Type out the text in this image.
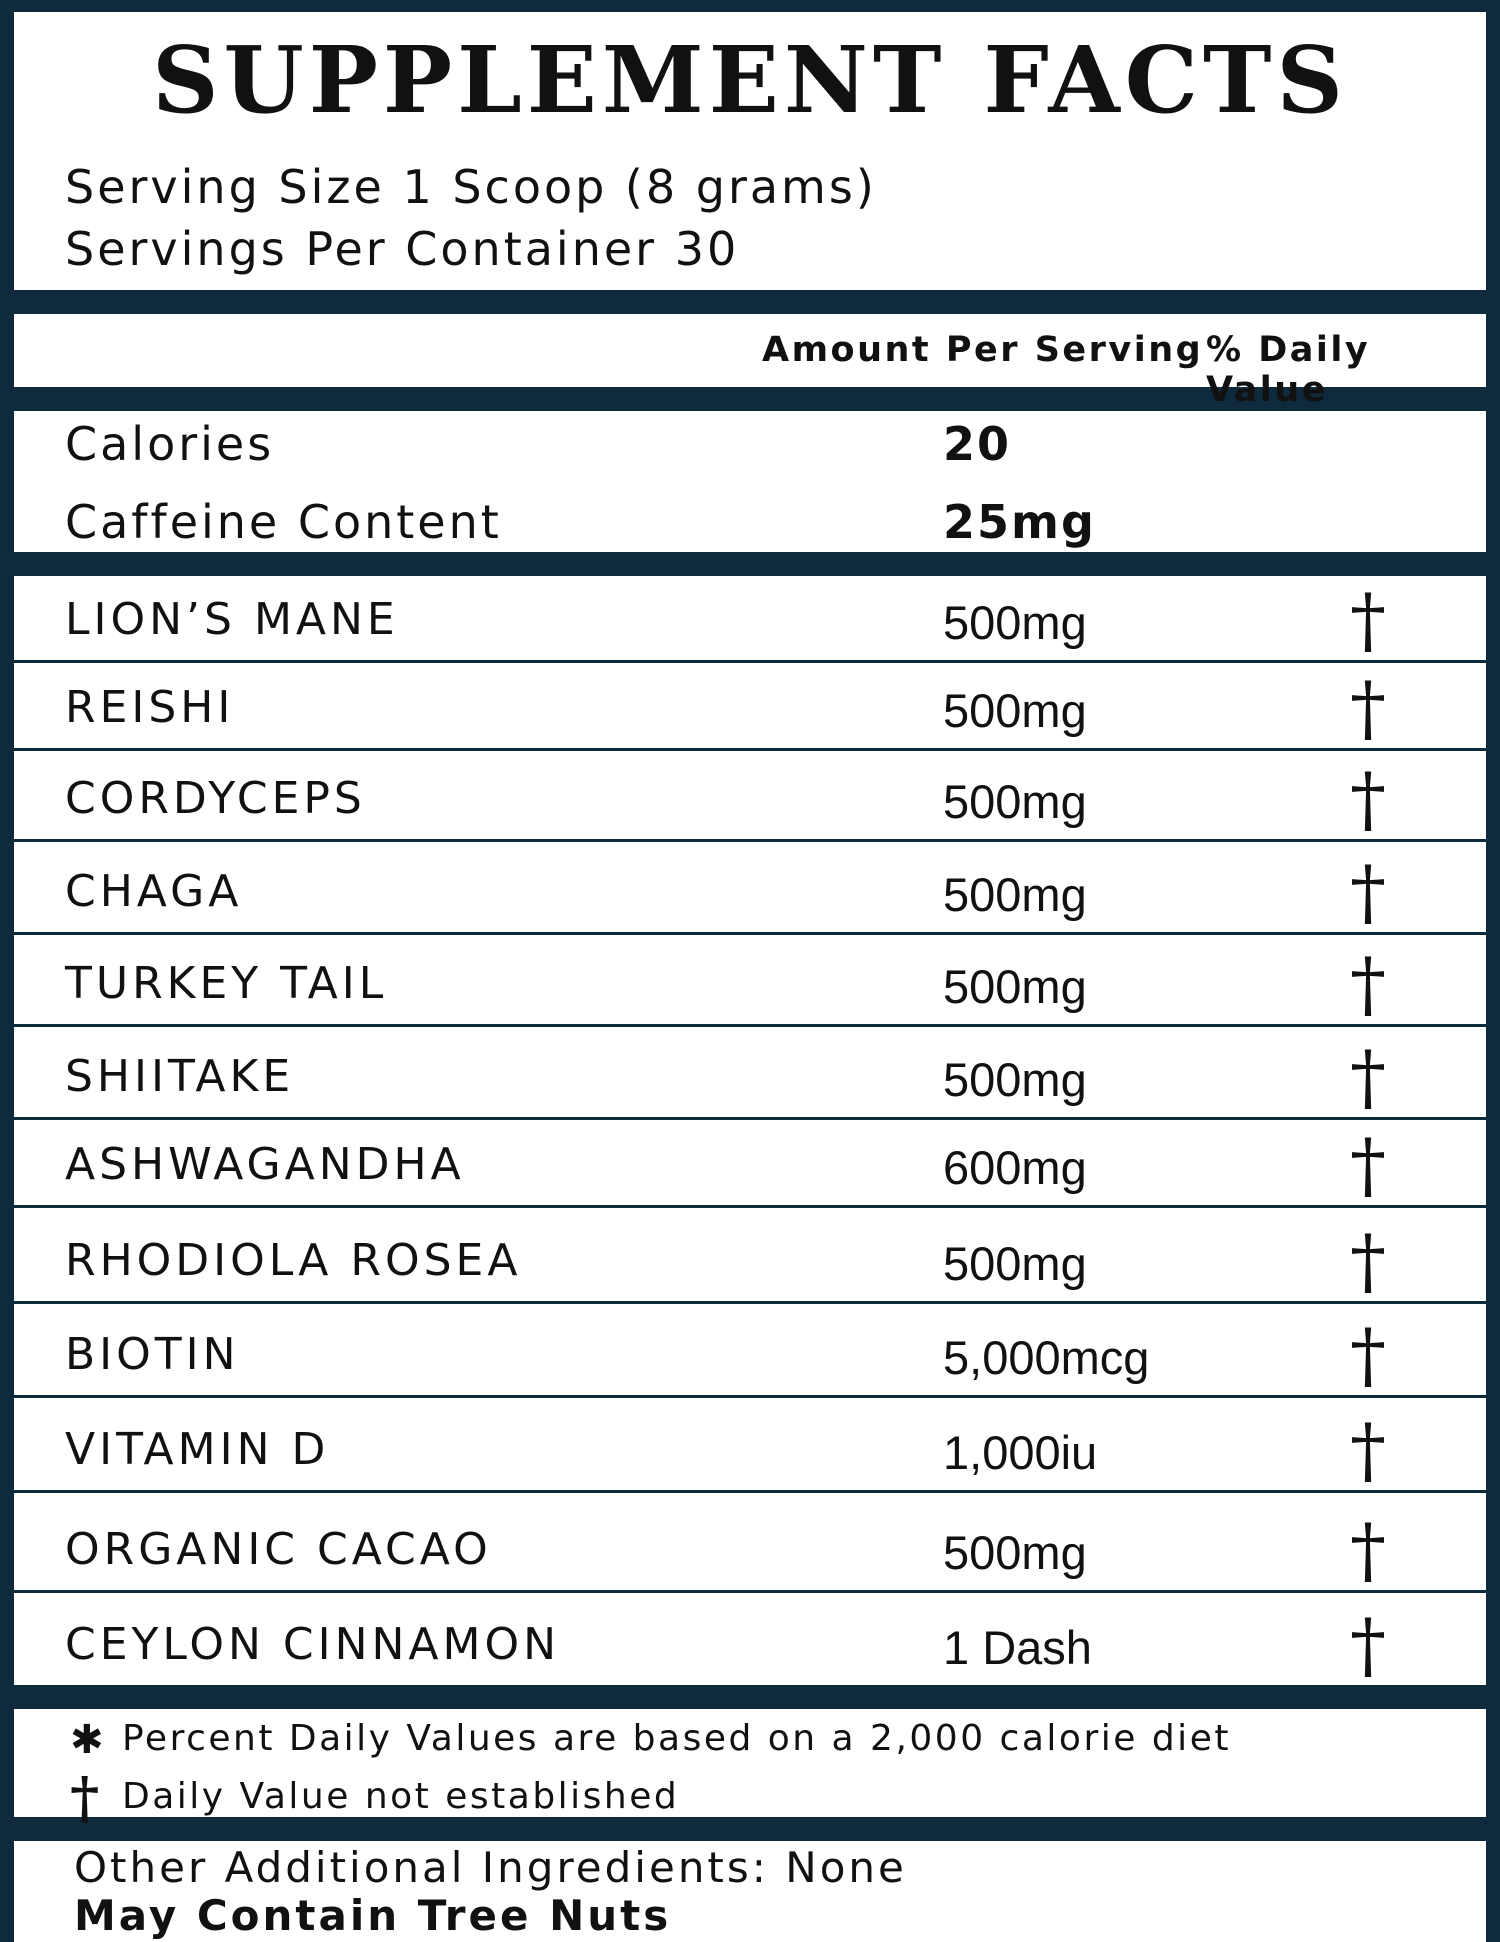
SUPPLEMENT FACTS
Serving Size 1 Scoop (8 grams)
Servings Per Container 30
Amount Per Serving % Daily Value
Calories	20
Caffeine Content	25mg
LION’S MANE	500mg	†
REISHI	500mg	†
CORDYCEPS	500mg	†
CHAGA	500mg	†
TURKEY TAIL	500mg	†
SHIITAKE	500mg	†
ASHWAGANDHA	600mg	†
RHODIOLA ROSEA	500mg	†
BIOTIN	5,000mcg	†
VITAMIN D	1,000iu	†
ORGANIC CACAO	500mg	†
CEYLON CINNAMON	1 Dash	†
✱ Percent Daily Values are based on a 2,000 calorie diet
† Daily Value not established
Other Additional Ingredients: None
May Contain Tree Nuts
